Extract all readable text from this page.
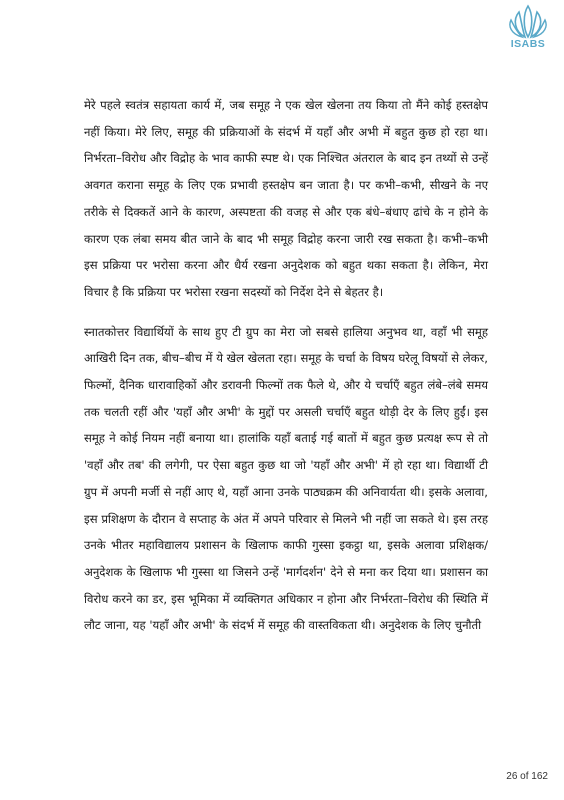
ISABS

मेरे पहले स्वतंत्र सहायता कार्य में, जब समूह ने एक खेल खेलना तय किया तो मैंने कोई हस्तक्षेप नहीं किया। मेरे लिए, समूह की प्रक्रियाओं के संदर्भ में यहाँ और अभी में बहुत कुछ हो रहा था। निर्भरता–विरोध और विद्रोह के भाव काफी स्पष्ट थे। एक निश्चित अंतराल के बाद इन तथ्यों से उन्हें अवगत कराना समूह के लिए एक प्रभावी हस्तक्षेप बन जाता है। पर कभी–कभी, सीखने के नए तरीके से दिक्कतें आने के कारण, अस्पष्टता की वजह से और एक बंधे–बंधाए ढांचे के न होने के कारण एक लंबा समय बीत जाने के बाद भी समूह विद्रोह करना जारी रख सकता है। कभी–कभी इस प्रक्रिया पर भरोसा करना और धैर्य रखना अनुदेशक को बहुत थका सकता है। लेकिन, मेरा विचार है कि प्रक्रिया पर भरोसा रखना सदस्यों को निर्देश देने से बेहतर है।

स्नातकोत्तर विद्यार्थियों के साथ हुए टी ग्रुप का मेरा जो सबसे हालिया अनुभव था, वहाँ भी समूह आखिरी दिन तक, बीच–बीच में ये खेल खेलता रहा। समूह के चर्चा के विषय घरेलू विषयों से लेकर, फिल्मों, दैनिक धारावाहिकों और डरावनी फिल्मों तक फैले थे, और ये चर्चाएँ बहुत लंबे–लंबे समय तक चलती रहीं और 'यहाँ और अभी' के मुद्दों पर असली चर्चाएँ बहुत थोड़ी देर के लिए हुईं। इस समूह ने कोई नियम नहीं बनाया था। हालांकि यहाँ बताई गई बातों में बहुत कुछ प्रत्यक्ष रूप से तो 'वहाँ और तब' की लगेगी, पर ऐसा बहुत कुछ था जो 'यहाँ और अभी' में हो रहा था। विद्यार्थी टी ग्रुप में अपनी मर्जी से नहीं आए थे, यहाँ आना उनके पाठ्यक्रम की अनिवार्यता थी। इसके अलावा, इस प्रशिक्षण के दौरान वे सप्ताह के अंत में अपने परिवार से मिलने भी नहीं जा सकते थे। इस तरह उनके भीतर महाविद्यालय प्रशासन के खिलाफ काफी गुस्सा इकट्ठा था, इसके अलावा प्रशिक्षक/अनुदेशक के खिलाफ भी गुस्सा था जिसने उन्हें 'मार्गदर्शन' देने से मना कर दिया था। प्रशासन का विरोध करने का डर, इस भूमिका में व्यक्तिगत अधिकार न होना और निर्भरता–विरोध की स्थिति में लौट जाना, यह 'यहाँ और अभी' के संदर्भ में समूह की वास्तविकता थी। अनुदेशक के लिए चुनौती

26 of 162
